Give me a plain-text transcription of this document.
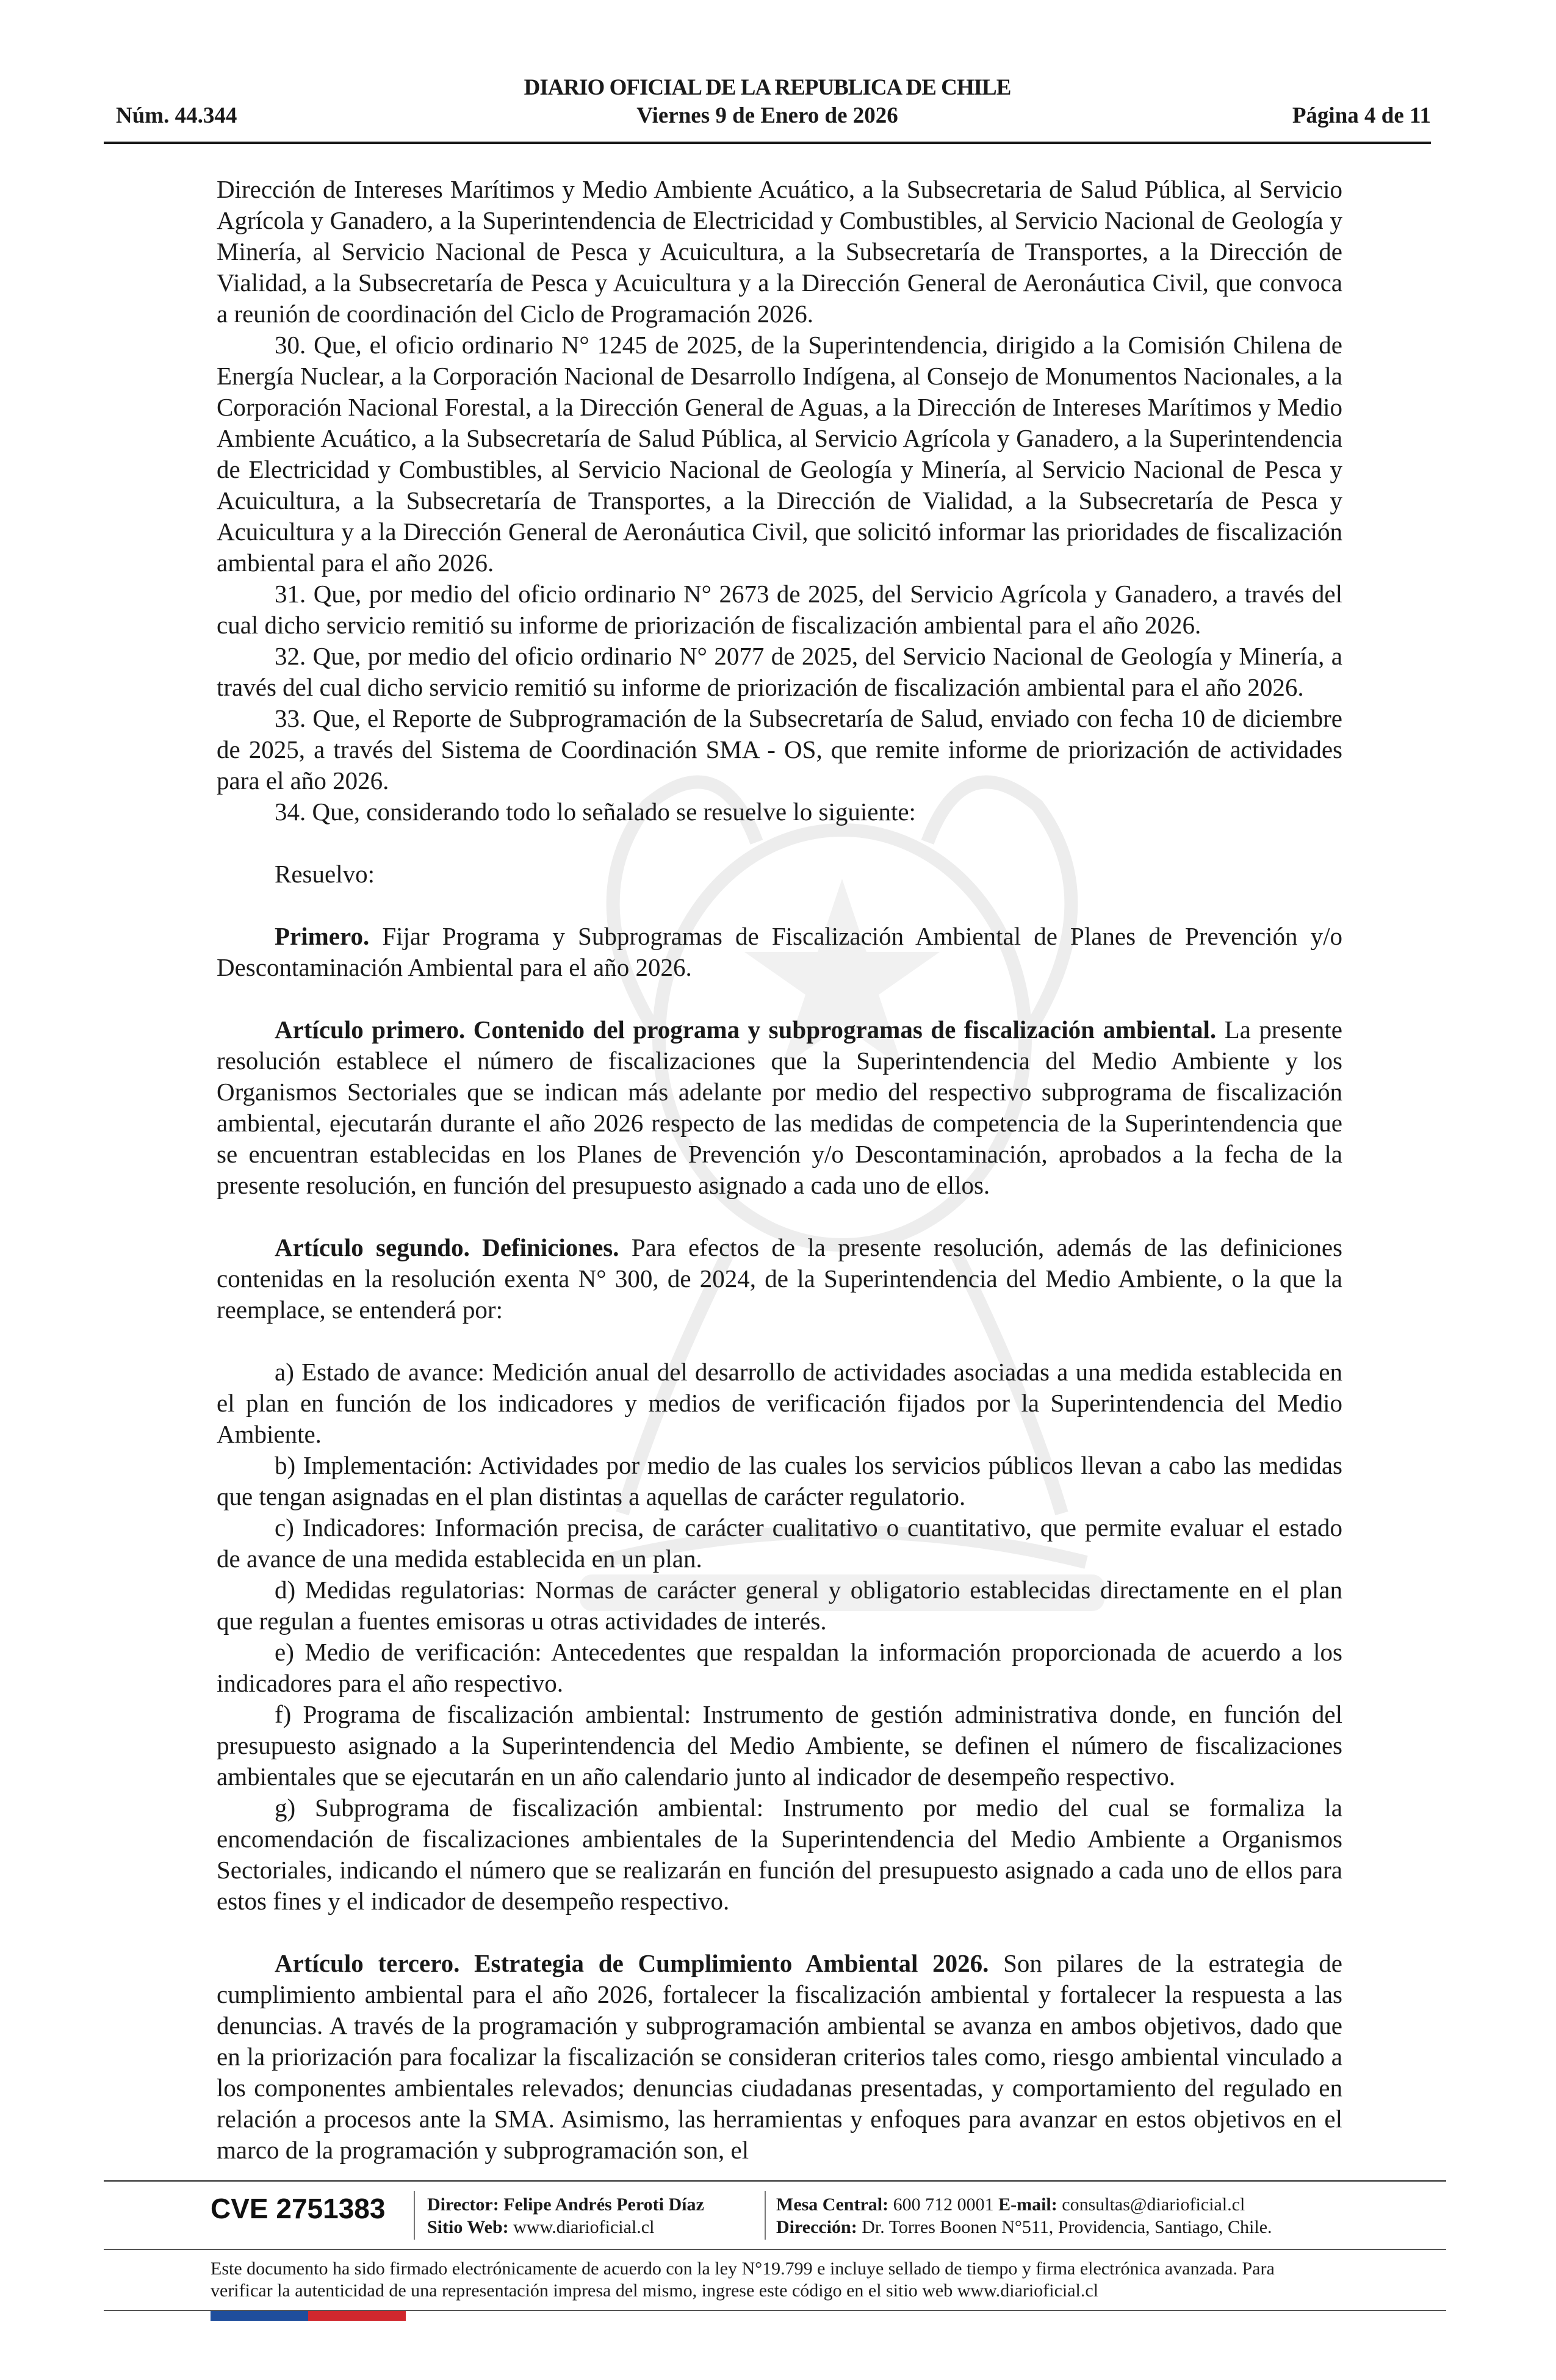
DIARIO OFICIAL DE LA REPUBLICA DE CHILE
Núm. 44.344	Viernes 9 de Enero de 2026	Página 4 de 11

Dirección de Intereses Marítimos y Medio Ambiente Acuático, a la Subsecretaria de Salud Pública, al Servicio Agrícola y Ganadero, a la Superintendencia de Electricidad y Combustibles, al Servicio Nacional de Geología y Minería, al Servicio Nacional de Pesca y Acuicultura, a la Subsecretaría de Transportes, a la Dirección de Vialidad, a la Subsecretaría de Pesca y Acuicultura y a la Dirección General de Aeronáutica Civil, que convoca a reunión de coordinación del Ciclo de Programación 2026.

30. Que, el oficio ordinario N° 1245 de 2025, de la Superintendencia, dirigido a la Comisión Chilena de Energía Nuclear, a la Corporación Nacional de Desarrollo Indígena, al Consejo de Monumentos Nacionales, a la Corporación Nacional Forestal, a la Dirección General de Aguas, a la Dirección de Intereses Marítimos y Medio Ambiente Acuático, a la Subsecretaría de Salud Pública, al Servicio Agrícola y Ganadero, a la Superintendencia de Electricidad y Combustibles, al Servicio Nacional de Geología y Minería, al Servicio Nacional de Pesca y Acuicultura, a la Subsecretaría de Transportes, a la Dirección de Vialidad, a la Subsecretaría de Pesca y Acuicultura y a la Dirección General de Aeronáutica Civil, que solicitó informar las prioridades de fiscalización ambiental para el año 2026.

31. Que, por medio del oficio ordinario N° 2673 de 2025, del Servicio Agrícola y Ganadero, a través del cual dicho servicio remitió su informe de priorización de fiscalización ambiental para el año 2026.

32. Que, por medio del oficio ordinario N° 2077 de 2025, del Servicio Nacional de Geología y Minería, a través del cual dicho servicio remitió su informe de priorización de fiscalización ambiental para el año 2026.

33. Que, el Reporte de Subprogramación de la Subsecretaría de Salud, enviado con fecha 10 de diciembre de 2025, a través del Sistema de Coordinación SMA - OS, que remite informe de priorización de actividades para el año 2026.

34. Que, considerando todo lo señalado se resuelve lo siguiente:

Resuelvo:

Primero. Fijar Programa y Subprogramas de Fiscalización Ambiental de Planes de Prevención y/o Descontaminación Ambiental para el año 2026.

Artículo primero. Contenido del programa y subprogramas de fiscalización ambiental. La presente resolución establece el número de fiscalizaciones que la Superintendencia del Medio Ambiente y los Organismos Sectoriales que se indican más adelante por medio del respectivo subprograma de fiscalización ambiental, ejecutarán durante el año 2026 respecto de las medidas de competencia de la Superintendencia que se encuentran establecidas en los Planes de Prevención y/o Descontaminación, aprobados a la fecha de la presente resolución, en función del presupuesto asignado a cada uno de ellos.

Artículo segundo. Definiciones. Para efectos de la presente resolución, además de las definiciones contenidas en la resolución exenta N° 300, de 2024, de la Superintendencia del Medio Ambiente, o la que la reemplace, se entenderá por:

a) Estado de avance: Medición anual del desarrollo de actividades asociadas a una medida establecida en el plan en función de los indicadores y medios de verificación fijados por la Superintendencia del Medio Ambiente.

b) Implementación: Actividades por medio de las cuales los servicios públicos llevan a cabo las medidas que tengan asignadas en el plan distintas a aquellas de carácter regulatorio.

c) Indicadores: Información precisa, de carácter cualitativo o cuantitativo, que permite evaluar el estado de avance de una medida establecida en un plan.

d) Medidas regulatorias: Normas de carácter general y obligatorio establecidas directamente en el plan que regulan a fuentes emisoras u otras actividades de interés.

e) Medio de verificación: Antecedentes que respaldan la información proporcionada de acuerdo a los indicadores para el año respectivo.

f) Programa de fiscalización ambiental: Instrumento de gestión administrativa donde, en función del presupuesto asignado a la Superintendencia del Medio Ambiente, se definen el número de fiscalizaciones ambientales que se ejecutarán en un año calendario junto al indicador de desempeño respectivo.

g) Subprograma de fiscalización ambiental: Instrumento por medio del cual se formaliza la encomendación de fiscalizaciones ambientales de la Superintendencia del Medio Ambiente a Organismos Sectoriales, indicando el número que se realizarán en función del presupuesto asignado a cada uno de ellos para estos fines y el indicador de desempeño respectivo.

Artículo tercero. Estrategia de Cumplimiento Ambiental 2026. Son pilares de la estrategia de cumplimiento ambiental para el año 2026, fortalecer la fiscalización ambiental y fortalecer la respuesta a las denuncias. A través de la programación y subprogramación ambiental se avanza en ambos objetivos, dado que en la priorización para focalizar la fiscalización se consideran criterios tales como, riesgo ambiental vinculado a los componentes ambientales relevados; denuncias ciudadanas presentadas, y comportamiento del regulado en relación a procesos ante la SMA. Asimismo, las herramientas y enfoques para avanzar en estos objetivos en el marco de la programación y subprogramación son, el

CVE 2751383 Director: Felipe Andrés Peroti Díaz
Sitio Web: www.diarioficial.cl
Mesa Central: 600 712 0001 E-mail: consultas@diarioficial.cl
Dirección: Dr. Torres Boonen N°511, Providencia, Santiago, Chile.
Este documento ha sido firmado electrónicamente de acuerdo con la ley N°19.799 e incluye sellado de tiempo y firma electrónica avanzada. Para verificar la autenticidad de una representación impresa del mismo, ingrese este código en el sitio web www.diarioficial.cl
